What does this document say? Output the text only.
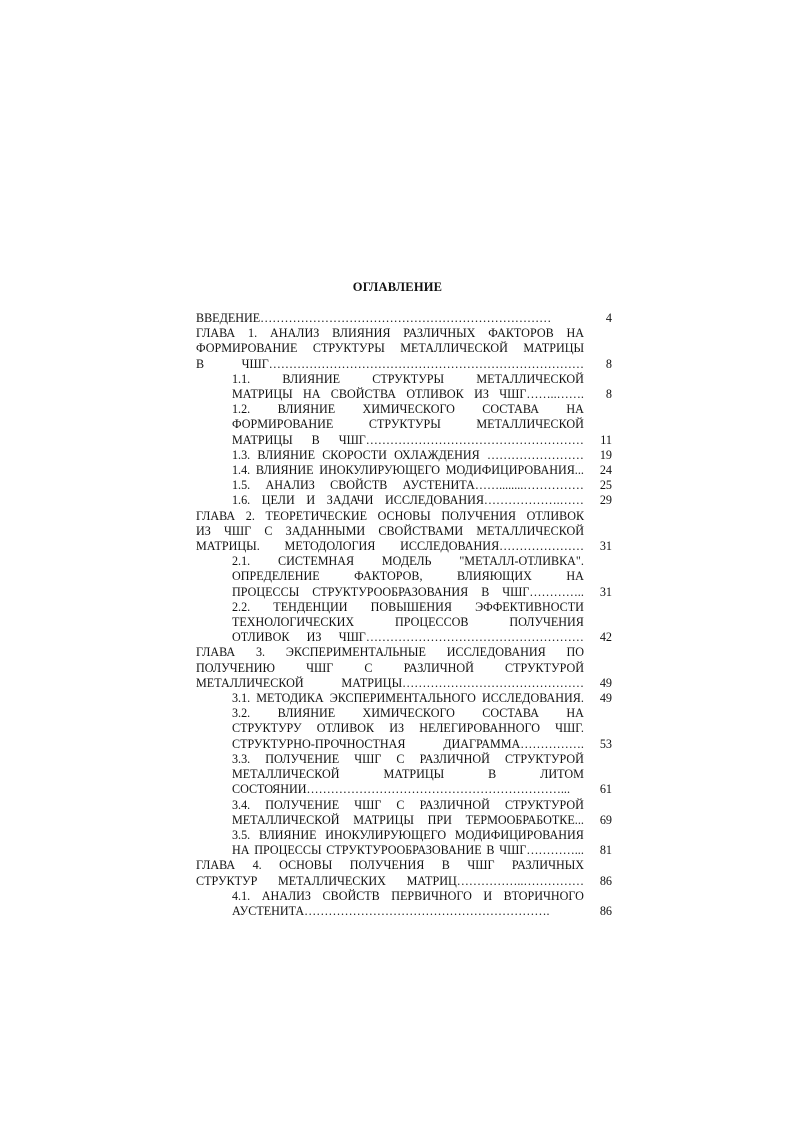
ОГЛАВЛЕНИЕ
ВВЕДЕНИЕ………………………………………………………………	4
ГЛАВА 1. АНАЛИЗ ВЛИЯНИЯ РАЗЛИЧНЫХ ФАКТОРОВ НА
ФОРМИРОВАНИЕ СТРУКТУРЫ МЕТАЛЛИЧЕСКОЙ МАТРИЦЫ
В ЧШГ…………………………………………………………………… 8
1.1. ВЛИЯНИЕ СТРУКТУРЫ МЕТАЛЛИЧЕСКОЙ
МАТРИЦЫ НА СВОЙСТВА ОТЛИВОК ИЗ ЧШГ……..……. 8
1.2. ВЛИЯНИЕ ХИМИЧЕСКОГО СОСТАВА НА
ФОРМИРОВАНИЕ СТРУКТУРЫ МЕТАЛЛИЧЕСКОЙ
МАТРИЦЫ В ЧШГ……………………………………………… 11
1.3. ВЛИЯНИЕ СКОРОСТИ ОХЛАЖДЕНИЯ …………………… 19
1.4. ВЛИЯНИЕ ИНОКУЛИРУЮЩЕГО МОДИФИЦИРОВАНИЯ... 24
1.5. АНАЛИЗ СВОЙСТВ АУСТЕНИТА……........…………… 25
1.6. ЦЕЛИ И ЗАДАЧИ ИССЛЕДОВАНИЯ……………….…… 29
ГЛАВА 2. ТЕОРЕТИЧЕСКИЕ ОСНОВЫ ПОЛУЧЕНИЯ ОТЛИВОК
ИЗ ЧШГ С ЗАДАННЫМИ СВОЙСТВАМИ МЕТАЛЛИЧЕСКОЙ
МАТРИЦЫ. МЕТОДОЛОГИЯ ИССЛЕДОВАНИЯ………………… 31
2.1. СИСТЕМНАЯ МОДЕЛЬ "МЕТАЛЛ-ОТЛИВКА".
ОПРЕДЕЛЕНИЕ ФАКТОРОВ, ВЛИЯЮЩИХ НА
ПРОЦЕССЫ СТРУКТУРООБРАЗОВАНИЯ В ЧШГ………….. 31
2.2. ТЕНДЕНЦИИ ПОВЫШЕНИЯ ЭФФЕКТИВНОСТИ
ТЕХНОЛОГИЧЕСКИХ ПРОЦЕССОВ ПОЛУЧЕНИЯ
ОТЛИВОК ИЗ ЧШГ……………………………………………… 42
ГЛАВА 3. ЭКСПЕРИМЕНТАЛЬНЫЕ ИССЛЕДОВАНИЯ ПО
ПОЛУЧЕНИЮ ЧШГ С РАЗЛИЧНОЙ СТРУКТУРОЙ
МЕТАЛЛИЧЕСКОЙ МАТРИЦЫ……………………………………… 49
3.1. МЕТОДИКА ЭКСПЕРИМЕНТАЛЬНОГО ИССЛЕДОВАНИЯ. 49
3.2. ВЛИЯНИЕ ХИМИЧЕСКОГО СОСТАВА НА
СТРУКТУРУ ОТЛИВОК ИЗ НЕЛЕГИРОВАННОГО ЧШГ.
СТРУКТУРНО-ПРОЧНОСТНАЯ ДИАГРАММА……………. 53
3.3. ПОЛУЧЕНИЕ ЧШГ С РАЗЛИЧНОЙ СТРУКТУРОЙ
МЕТАЛЛИЧЕСКОЙ МАТРИЦЫ В ЛИТОМ
СОСТОЯНИИ………………………………………………………...	61
3.4. ПОЛУЧЕНИЕ ЧШГ С РАЗЛИЧНОЙ СТРУКТУРОЙ
МЕТАЛЛИЧЕСКОЙ МАТРИЦЫ ПРИ ТЕРМООБРАБОТКЕ... 69
3.5. ВЛИЯНИЕ ИНОКУЛИРУЮЩЕГО МОДИФИЦИРОВАНИЯ
НА ПРОЦЕССЫ СТРУКТУРООБРАЗОВАНИЕ В ЧШГ…………... 81
ГЛАВА 4. ОСНОВЫ ПОЛУЧЕНИЯ В ЧШГ РАЗЛИЧНЫХ
СТРУКТУР МЕТАЛЛИЧЕСКИХ МАТРИЦ……………..…………… 86
4.1. АНАЛИЗ СВОЙСТВ ПЕРВИЧНОГО И ВТОРИЧНОГО
АУСТЕНИТА…………………………………………………….	86
